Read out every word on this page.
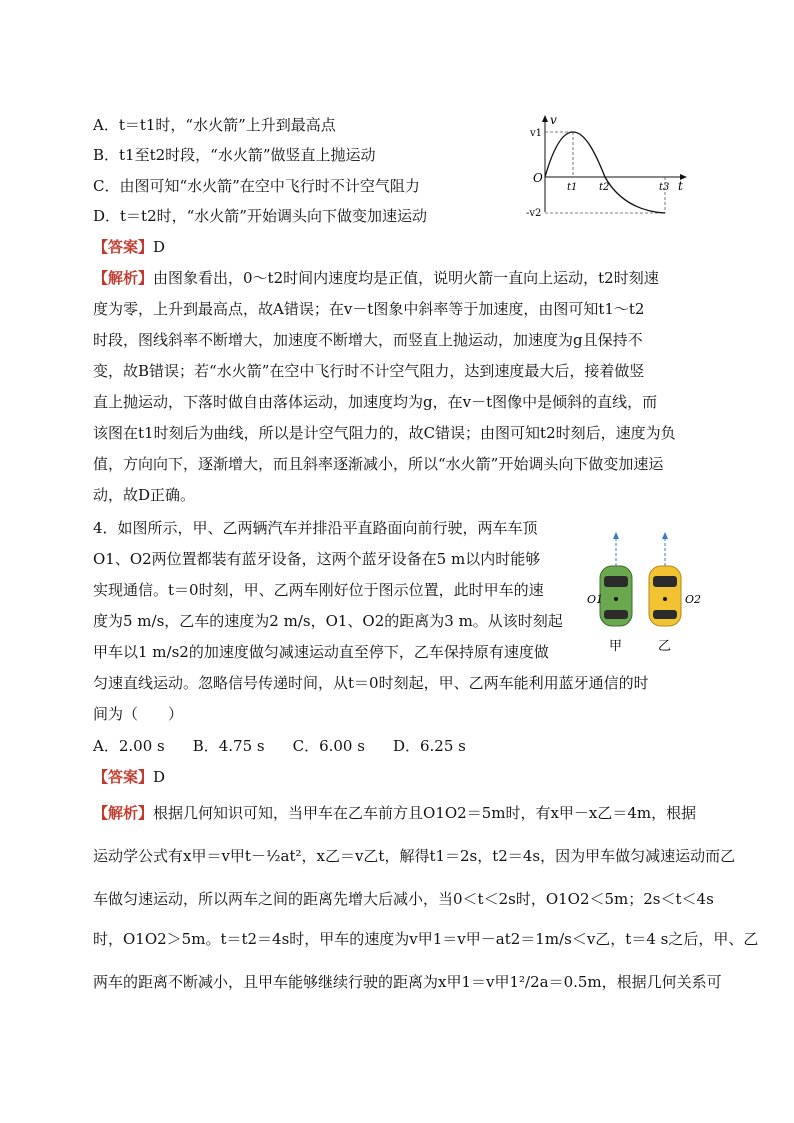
A．t＝t1时，“水火箭”上升到最高点
B．t1至t2时段，“水火箭”做竖直上抛运动
C．由图可知“水火箭”在空中飞行时不计空气阻力
D．t＝t2时，“水火箭”开始调头向下做变加速运动
v
t
O
v1
-v2
t1 t2	t3
【答案】D
【解析】由图象看出，0～t2时间内速度均是正值，说明火箭一直向上运动，t2时刻速
度为零，上升到最高点，故A错误；在v－t图象中斜率等于加速度，由图可知t1～t2
时段，图线斜率不断增大，加速度不断增大，而竖直上抛运动，加速度为g且保持不
变，故B错误；若“水火箭”在空中飞行时不计空气阻力，达到速度最大后，接着做竖
直上抛运动，下落时做自由落体运动，加速度均为g，在v－t图像中是倾斜的直线，而
该图在t1时刻后为曲线，所以是计空气阻力的，故C错误；由图可知t2时刻后，速度为负
值，方向向下，逐渐增大，而且斜率逐渐减小，所以“水火箭”开始调头向下做变加速运
动，故D正确。
4．如图所示，甲、乙两辆汽车并排沿平直路面向前行驶，两车车顶
O1、O2两位置都装有蓝牙设备，这两个蓝牙设备在5 m以内时能够
实现通信。t＝0时刻，甲、乙两车刚好位于图示位置，此时甲车的速
度为5 m/s，乙车的速度为2 m/s，O1、O2的距离为3 m。从该时刻起
甲车以1 m/s2的加速度做匀减速运动直至停下，乙车保持原有速度做
匀速直线运动。忽略信号传递时间，从t＝0时刻起，甲、乙两车能利用蓝牙通信的时
间为（　　）
O1	O2
甲	乙
A．2.00 s B．4.75 s C．6.00 s D．6.25 s
【答案】D
【解析】根据几何知识可知，当甲车在乙车前方且O1O2＝5m时，有x甲－x乙＝4m，根据
运动学公式有x甲＝v甲t－½at²，x乙＝v乙t，解得t1＝2s，t2＝4s，因为甲车做匀减速运动而乙
车做匀速运动，所以两车之间的距离先增大后减小，当0＜t＜2s时，O1O2＜5m；2s＜t＜4s
时，O1O2＞5m。t＝t2＝4s时，甲车的速度为v甲1＝v甲－at2＝1m/s＜v乙，t＝4 s之后，甲、乙
两车的距离不断减小，且甲车能够继续行驶的距离为x甲1＝v甲1²/2a＝0.5m，根据几何关系可
